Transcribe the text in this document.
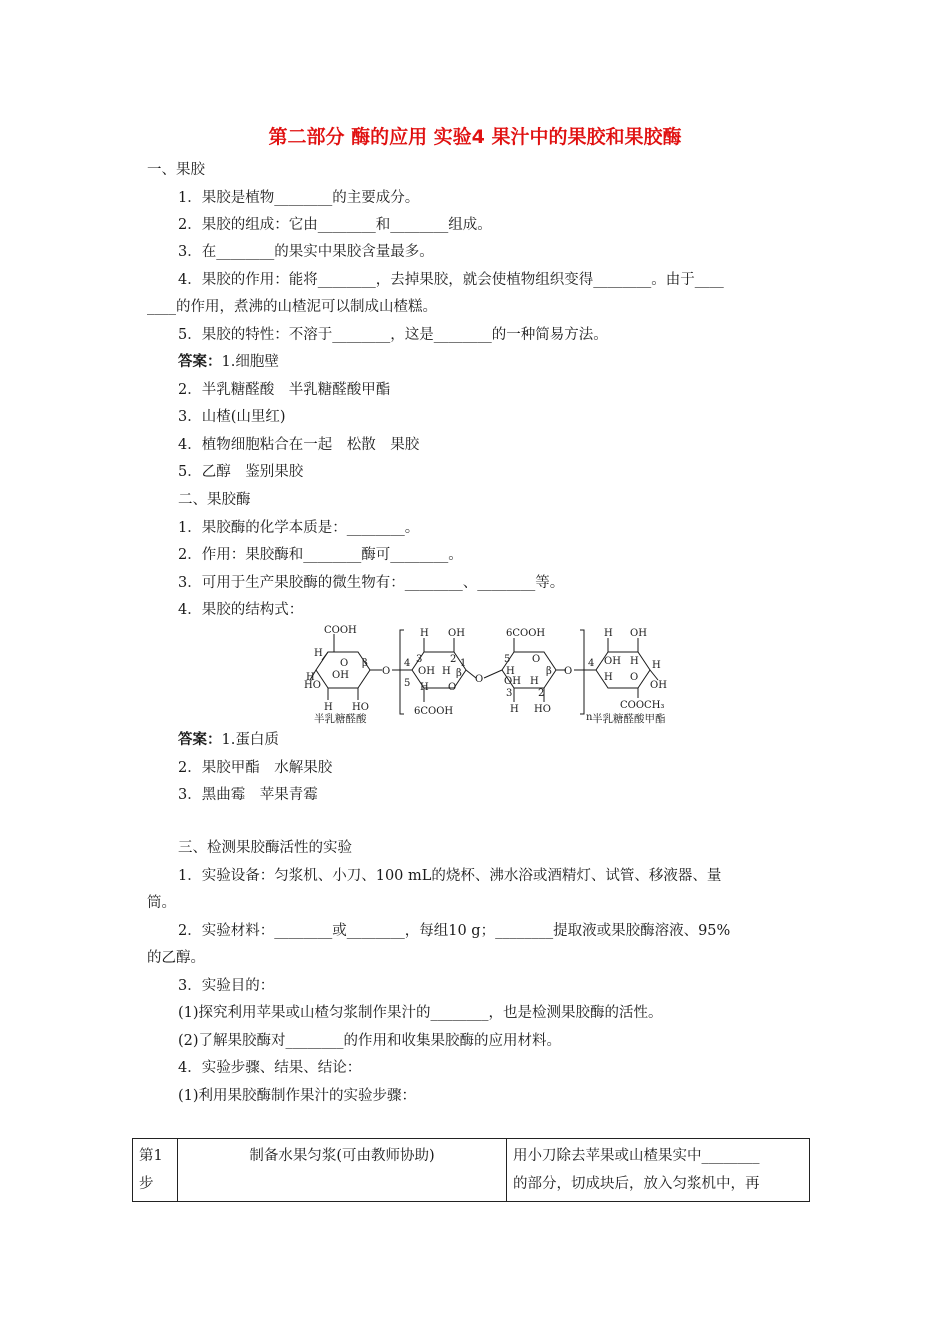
第二部分 酶的应用 实验4 果汁中的果胶和果胶酶
一、果胶
1．果胶是植物________的主要成分。
2．果胶的组成：它由________和________组成。
3．在________的果实中果胶含量最多。
4．果胶的作用：能将________，去掉果胶，就会使植物组织变得________。由于____
____的作用，煮沸的山楂泥可以制成山楂糕。
5．果胶的特性：不溶于________，这是________的一种简易方法。
答案：1.细胞壁
2．半乳糖醛酸　半乳糖醛酸甲酯
3．山楂(山里红)
4．植物细胞粘合在一起　松散　果胶
5．乙醇　鉴别果胶
二、果胶酶
1．果胶酶的化学本质是：________。
2．作用：果胶酶和________酶可________。
3．可用于生产果胶酶的微生物有：________、________等。
4．果胶的结构式：
COOH
H
O
OH
H
HO
HO
H
β
O
半乳糖醛酸
H OH
4 3	2
OH H
1
5 H O
6COOH
β
O
6COOH
5 O
H
OH H
β
3	2
H HO
O
n
H OH
4 OH H
H O
H
OH
COOCH₃
半乳糖醛酸甲酯
答案：1.蛋白质
2．果胶甲酯　水解果胶
3．黑曲霉　苹果青霉
三、检测果胶酶活性的实验
1．实验设备：匀浆机、小刀、100 mL的烧杯、沸水浴或酒精灯、试管、移液器、量
筒。
2．实验材料：________或________，每组10 g；________提取液或果胶酶溶液、95%
的乙醇。
3．实验目的：
(1)探究利用苹果或山楂匀浆制作果汁的________，也是检测果胶酶的活性。
(2)了解果胶酶对________的作用和收集果胶酶的应用材料。
4．实验步骤、结果、结论：
(1)利用果胶酶制作果汁的实验步骤：
第1
步
	制备水果匀浆(可由教师协助)	用小刀除去苹果或山楂果实中________
的部分，切成块后，放入匀浆机中，再
